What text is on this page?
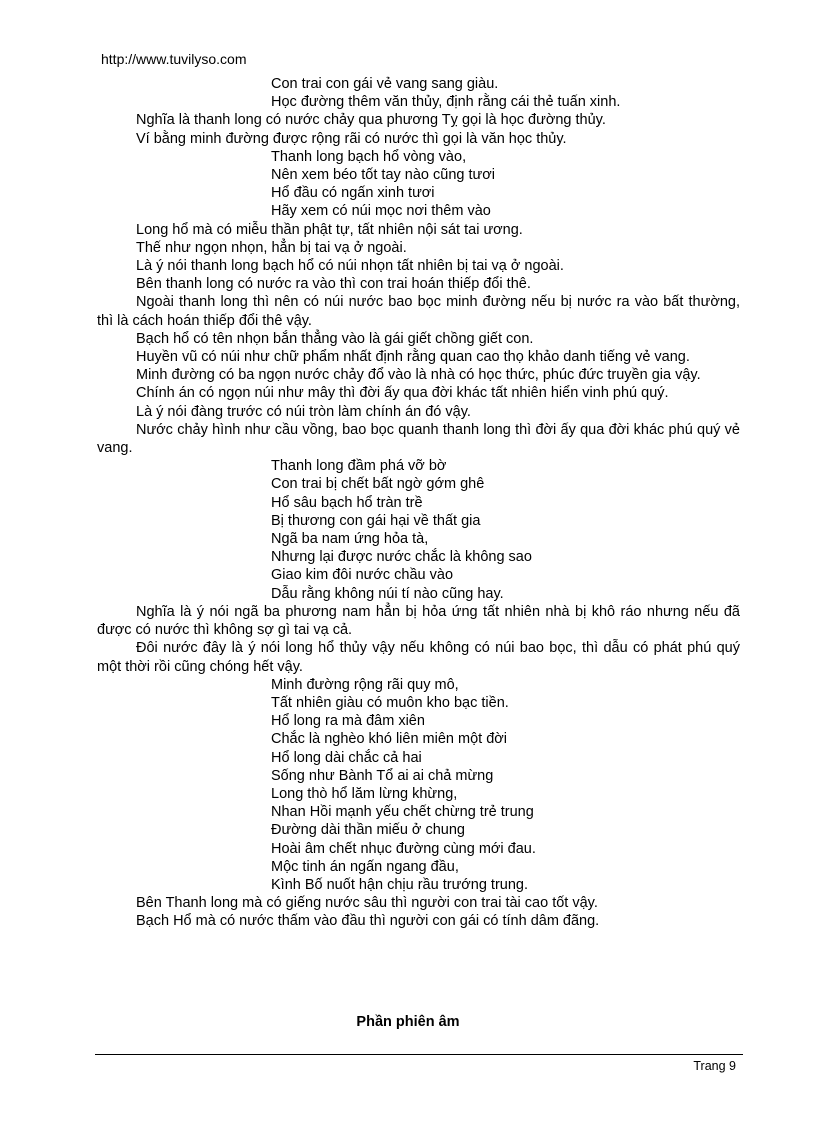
http://www.tuvilyso.com
Con trai con gái vẻ vang sang giàu.
Học đường thêm văn thủy, định rằng cái thẻ tuấn xinh.

Nghĩa là thanh long có nước chảy qua phương Tỵ gọi là học đường thủy.

Ví bằng minh đường được rộng rãi có nước thì gọi là văn học thủy.

Thanh long bạch hổ vòng vào,
Nên xem béo tốt tay nào cũng tươi
Hổ đầu có ngấn xinh tươi
Hãy xem có núi mọc nơi thêm vào

Long hổ mà có miễu thần phật tự, tất nhiên nội sát tai ương.

Thế như ngọn nhọn, hẳn bị tai vạ ở ngoài.

Là ý nói thanh long bạch hổ có núi nhọn tất nhiên bị tai vạ ở ngoài.

Bên thanh long có nước ra vào thì con trai hoán thiếp đổi thê.

Ngoài thanh long thì nên có núi nước bao bọc minh đường nếu bị nước ra vào bất thường, thì là cách hoán thiếp đổi thê vậy.

Bạch hổ có tên nhọn bắn thẳng vào là gái giết chồng giết con.

Huyền vũ có núi như chữ phẩm nhất định rằng quan cao thọ khảo danh tiếng vẻ vang.

Minh đường có ba ngọn nước chảy đổ vào là nhà có học thức, phúc đức truyền gia vậy.

Chính án có ngọn núi như mây thì đời ấy qua đời khác tất nhiên hiển vinh phú quý.

Là ý nói đàng trước có núi tròn làm chính án đó vậy.

Nước chảy hình như cầu vồng, bao bọc quanh thanh long thì đời ấy qua đời khác phú quý vẻ vang.

Thanh long đầm phá vỡ bờ
Con trai bị chết bất ngờ gớm ghê
Hổ sâu bạch hổ tràn trề
Bị thương con gái hại về thất gia
Ngã ba nam ứng hỏa tà,
Nhưng lại được nước chắc là không sao
Giao kim đôi nước chầu vào
Dẫu rằng không núi tí nào cũng hay.

Nghĩa là ý nói ngã ba phương nam hẳn bị hỏa ứng tất nhiên nhà bị khô ráo nhưng nếu đã được có nước thì không sợ gì tai vạ cả.

Đôi nước đây là ý nói long hổ thủy vậy nếu không có núi bao bọc, thì dẫu có phát phú quý một thời rồi cũng chóng hết vậy.

Minh đường rộng rãi quy mô,
Tất nhiên giàu có muôn kho bạc tiền.
Hổ long ra mà đâm xiên
Chắc là nghèo khó liên miên một đời
Hổ long dài chắc cả hai
Sống như Bành Tổ ai ai chả mừng
Long thò hổ lăm lừng khừng,
Nhan Hồi mạnh yếu chết chừng trẻ trung
Đường dài thần miếu ở chung
Hoài âm chết nhục đường cùng mới đau.
Mộc tinh án ngấn ngang đầu,
Kình Bố nuốt hận chịu rầu trướng trung.

Bên Thanh long mà có giếng nước sâu thì người con trai tài cao tốt vậy.

Bạch Hổ mà có nước thấm vào đầu thì người con gái có tính dâm đãng.

Phần phiên âm
Trang 9
